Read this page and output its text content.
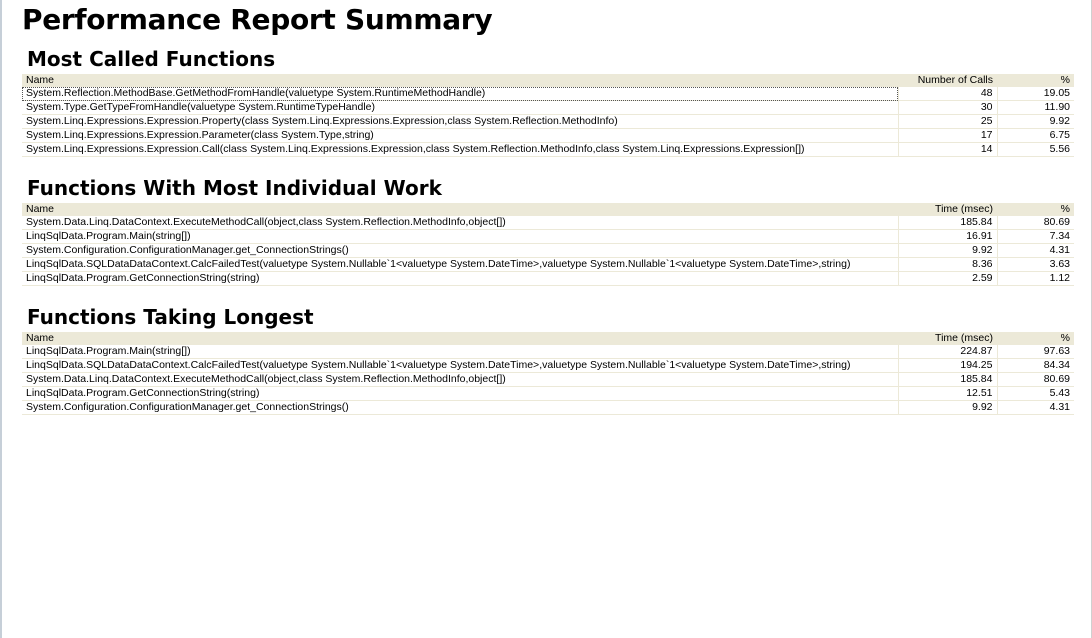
Performance Report Summary
Most Called Functions
Name	Number of Calls	%
System.Reflection.MethodBase.GetMethodFromHandle(valuetype System.RuntimeMethodHandle)	48	19.05
System.Type.GetTypeFromHandle(valuetype System.RuntimeTypeHandle)	30	11.90
System.Linq.Expressions.Expression.Property(class System.Linq.Expressions.Expression,class System.Reflection.MethodInfo)	25	9.92
System.Linq.Expressions.Expression.Parameter(class System.Type,string)	17	6.75
System.Linq.Expressions.Expression.Call(class System.Linq.Expressions.Expression,class System.Reflection.MethodInfo,class System.Linq.Expressions.Expression[])	14	5.56
Functions With Most Individual Work
Name	Time (msec)	%
System.Data.Linq.DataContext.ExecuteMethodCall(object,class System.Reflection.MethodInfo,object[])	185.84	80.69
LinqSqlData.Program.Main(string[])	16.91	7.34
System.Configuration.ConfigurationManager.get_ConnectionStrings()	9.92	4.31
LinqSqlData.SQLDataDataContext.CalcFailedTest(valuetype System.Nullable`1<valuetype System.DateTime>,valuetype System.Nullable`1<valuetype System.DateTime>,string)	8.36	3.63
LinqSqlData.Program.GetConnectionString(string)	2.59	1.12
Functions Taking Longest
Name	Time (msec)	%
LinqSqlData.Program.Main(string[])	224.87	97.63
LinqSqlData.SQLDataDataContext.CalcFailedTest(valuetype System.Nullable`1<valuetype System.DateTime>,valuetype System.Nullable`1<valuetype System.DateTime>,string)	194.25	84.34
System.Data.Linq.DataContext.ExecuteMethodCall(object,class System.Reflection.MethodInfo,object[])	185.84	80.69
LinqSqlData.Program.GetConnectionString(string)	12.51	5.43
System.Configuration.ConfigurationManager.get_ConnectionStrings()	9.92	4.31
